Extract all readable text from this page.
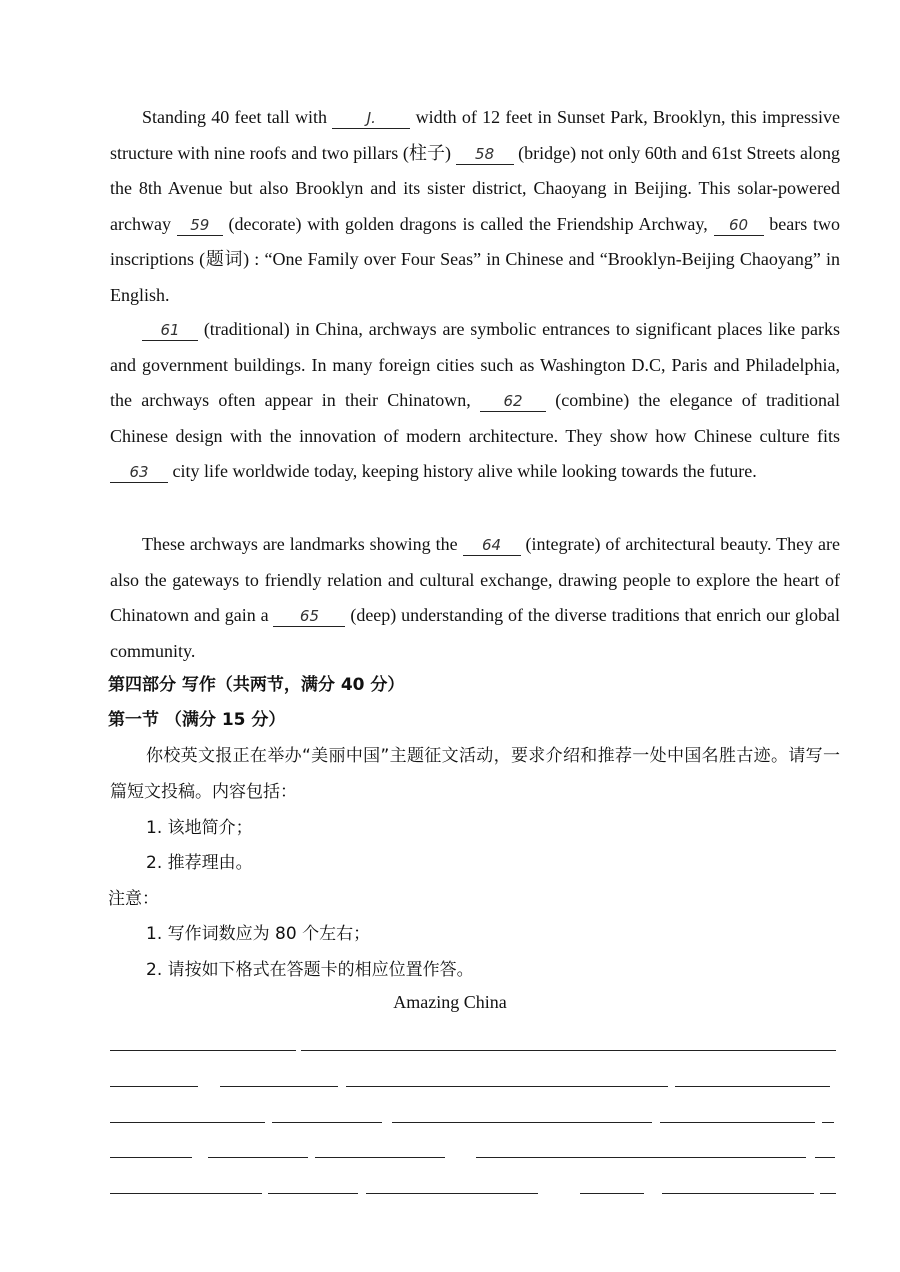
Standing 40 feet tall with	J. width of 12 feet in Sunset Park, Brooklyn, this impressive structure with nine roofs and two pillars (柱子) 58 (bridge) not only 60th and 61st Streets along the 8th Avenue but also Brooklyn and its sister district, Chaoyang in Beijing. This solar-powered archway 59 (decorate) with golden dragons is called the Friendship Archway, 60 bears two inscriptions (题词) : “One Family over Four Seas” in Chinese and “Brooklyn-Beijing Chaoyang” in English.
61 (traditional) in China, archways are symbolic entrances to significant places like parks and government buildings. In many foreign cities such as Washington D.C, Paris and Philadelphia, the archways often appear in their Chinatown, 62 (combine) the elegance of traditional Chinese design with the innovation of modern architecture. They show how Chinese culture fits 63 city life worldwide today, keeping history alive while looking towards the future.
These archways are landmarks showing the 64 (integrate) of architectural beauty. They are also the gateways to friendly relation and cultural exchange, drawing people to explore the heart of Chinatown and gain a 65 (deep) understanding of the diverse traditions that enrich our global community.
第四部分 写作（共两节，满分 40 分）
第一节 （满分 15 分）
你校英文报正在举办“美丽中国”主题征文活动，要求介绍和推荐一处中国名胜古迹。请写一篇短文投稿。内容包括：
1. 该地简介；
2. 推荐理由。
注意：
1. 写作词数应为 80 个左右；
2. 请按如下格式在答题卡的相应位置作答。
Amazing China
